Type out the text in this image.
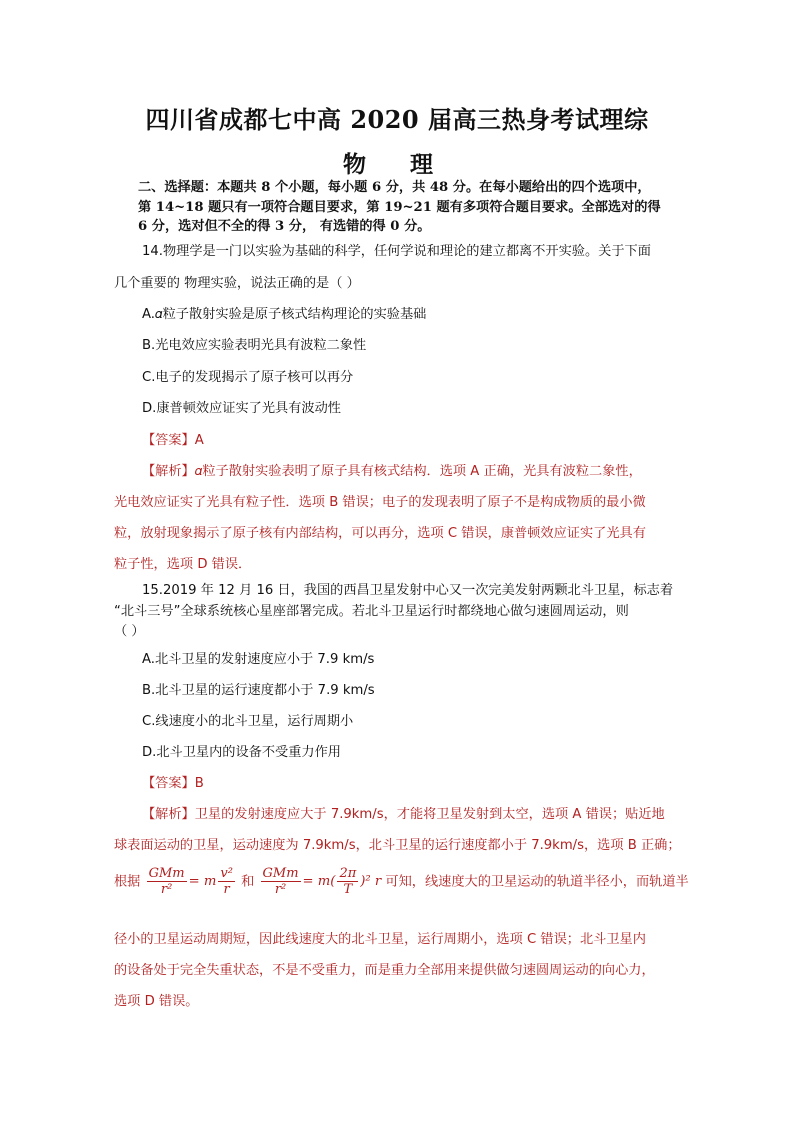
四川省成都七中高 2020 届高三热身考试理综
物 理
二、选择题：本题共 8 个小题，每小题 6 分，共 48 分。在每小题给出的四个选项中，
第 14~18 题只有一项符合题目要求，第 19~21 题有多项符合题目要求。全部选对的得
6 分，选对但不全的得 3 分， 有选错的得 0 分。
14.物理学是一门以实验为基础的科学，任何学说和理论的建立都离不开实验。关于下面
几个重要的 物理实验，说法正确的是（ ）
A.𝛼粒子散射实验是原子核式结构理论的实验基础
B.光电效应实验表明光具有波粒二象性
C.电子的发现揭示了原子核可以再分
D.康普顿效应证实了光具有波动性
【答案】A
【解析】𝛼粒子散射实验表明了原子具有核式结构．选项 A 正确，光具有波粒二象性，
光电效应证实了光具有粒子性．选项 B 错误；电子的发现表明了原子不是构成物质的最小微
粒，放射现象揭示了原子核有内部结构，可以再分，选项 C 错误，康普顿效应证实了光具有
粒子性，选项 D 错误．
15.2019 年 12 月 16 日，我国的西昌卫星发射中心又一次完美发射两颗北斗卫星，标志着
“北斗三号”全球系统核心星座部署完成。若北斗卫星运行时都绕地心做匀速圆周运动，则
（ ）
A.北斗卫星的发射速度应小于 7.9 km/s
B.北斗卫星的运行速度都小于 7.9 km/s
C.线速度小的北斗卫星，运行周期小
D.北斗卫星内的设备不受重力作用
【答案】B
【解析】卫星的发射速度应大于 7.9km/s，才能将卫星发射到太空，选项 A 错误；贴近地
球表面运动的卫星，运动速度为 7.9km/s，北斗卫星的运行速度都小于 7.9km/s，选项 B 正确；
根据 $\frac{\text{GMm}}{\text{r²}} = m \frac{\text{v²}}{r}$ 和 $\frac{\text{GMm}}{\text{r²}} = m( \frac{2\pi}{T} )^2$ r 可知，线速度大的卫星运动的轨道半径小，而轨道半
径小的卫星运动周期短，因此线速度大的北斗卫星，运行周期小，选项 C 错误；北斗卫星内
的设备处于完全失重状态，不是不受重力，而是重力全部用来提供做匀速圆周运动的向心力，
选项 D 错误。
